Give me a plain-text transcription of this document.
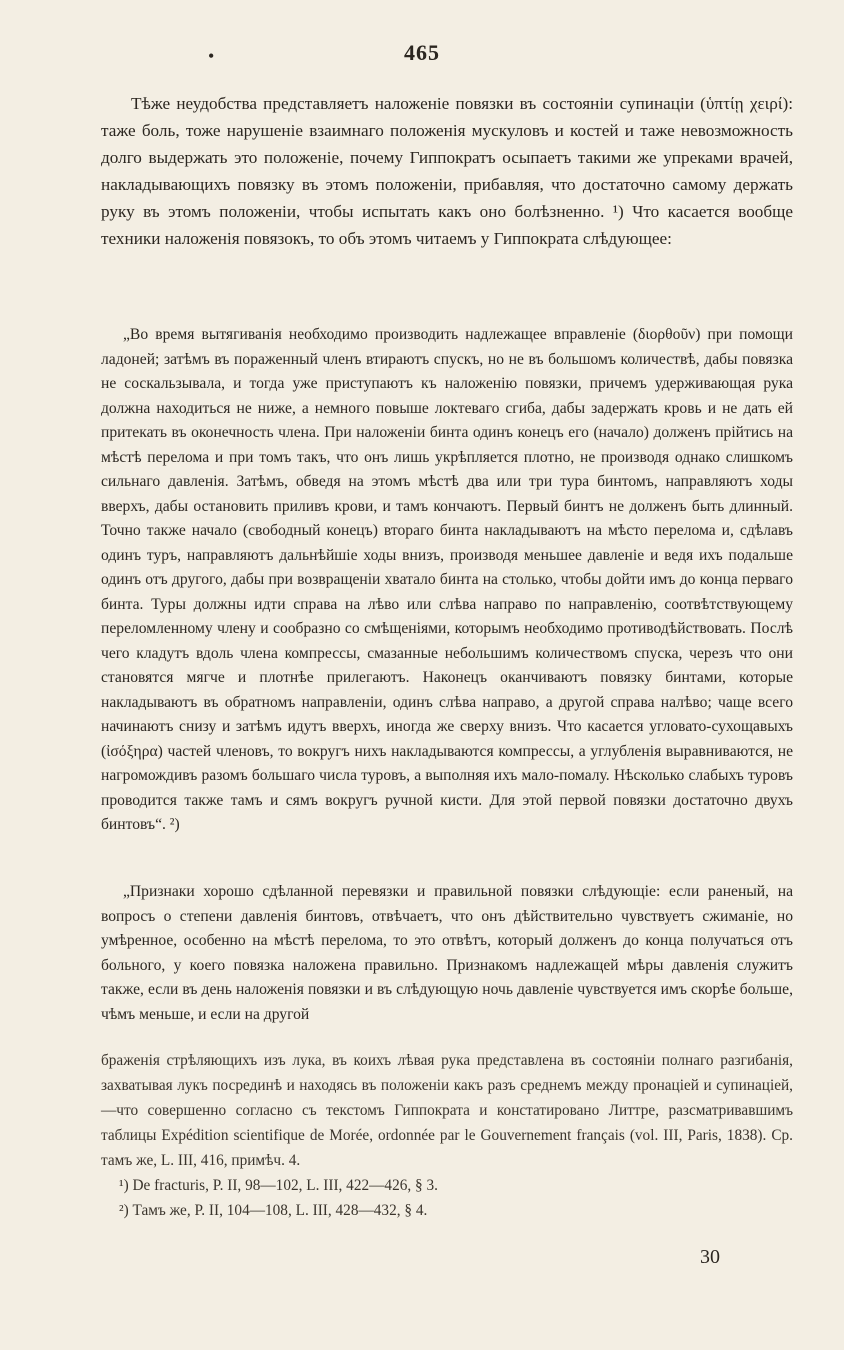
•	465

Тѣже неудобства представляетъ наложеніе повязки въ состояніи супинаціи (ὑπτίῃ χειρί): таже боль, тоже нарушеніе взаимнаго положенія мускуловъ и костей и таже невозможность долго выдержать это положеніе, почему Гиппократъ осыпаетъ такими же упреками врачей, накладывающихъ повязку въ этомъ положеніи, прибавляя, что достаточно самому держать руку въ этомъ положеніи, чтобы испытать какъ оно болѣзненно. ¹) Что касается вообще техники наложенія повязокъ, то объ этомъ читаемъ у Гиппократа слѣдующее:

„Во время вытягиванія необходимо производить надлежащее вправленіе (διορθοῦν) при помощи ладоней; затѣмъ въ пораженный членъ втираютъ спускъ, но не въ большомъ количествѣ, дабы повязка не соскальзывала, и тогда уже приступаютъ къ наложенію повязки, причемъ удерживающая рука должна находиться не ниже, а немного повыше локтеваго сгиба, дабы задержать кровь и не дать ей притекать въ оконечность члена. При наложеніи бинта одинъ конецъ его (начало) долженъ прійтись на мѣстѣ перелома и при томъ такъ, что онъ лишь укрѣпляется плотно, не производя однако слишкомъ сильнаго давленія. Затѣмъ, обведя на этомъ мѣстѣ два или три тура бинтомъ, направляютъ ходы вверхъ, дабы остановить приливъ крови, и тамъ кончаютъ. Первый бинтъ не долженъ быть длинный. Точно также начало (свободный конецъ) втораго бинта накладываютъ на мѣсто перелома и, сдѣлавъ одинъ туръ, направляютъ дальнѣйшіе ходы внизъ, производя меньшее давленіе и ведя ихъ подальше одинъ отъ другого, дабы при возвращеніи хватало бинта на столько, чтобы дойти имъ до конца перваго бинта. Туры должны идти справа на лѣво или слѣва направо по направленію, соотвѣтствующему переломленному члену и сообразно со смѣщеніями, которымъ необходимо противодѣйствовать. Послѣ чего кладутъ вдоль члена компрессы, смазанные небольшимъ количествомъ спуска, черезъ что они становятся мягче и плотнѣе прилегаютъ. Наконецъ оканчиваютъ повязку бинтами, которые накладываютъ въ обратномъ направленіи, одинъ слѣва направо, а другой справа налѣво; чаще всего начинаютъ снизу и затѣмъ идутъ вверхъ, иногда же сверху внизъ. Что касается угловато-сухощавыхъ (ἰσόξηρα) частей членовъ, то вокругъ нихъ накладываются компрессы, а углубленія выравниваются, не нагромождивъ разомъ большаго числа туровъ, а выполняя ихъ мало-помалу. Нѣсколько слабыхъ туровъ проводится также тамъ и сямъ вокругъ ручной кисти. Для этой первой повязки достаточно двухъ бинтовъ“. ²)

„Признаки хорошо сдѣланной перевязки и правильной повязки слѣдующіе: если раненый, на вопросъ о степени давленія бинтовъ, отвѣчаетъ, что онъ дѣйствительно чувствуетъ сжиманіе, но умѣренное, особенно на мѣстѣ перелома, то это отвѣтъ, который долженъ до конца получаться отъ больного, у коего повязка наложена правильно. Признакомъ надлежащей мѣры давленія служитъ также, если въ день наложенія повязки и въ слѣдующую ночь давленіе чувствуется имъ скорѣе больше, чѣмъ меньше, и если на другой

браженія стрѣляющихъ изъ лука, въ коихъ лѣвая рука представлена въ состояніи полнаго разгибанія, захватывая лукъ посрединѣ и находясь въ положеніи какъ разъ среднемъ между пронаціей и супинаціей,—что совершенно согласно съ текстомъ Гиппократа и констатировано Литтре, разсматривавшимъ таблицы Expédition scientifique de Morée, ordonnée par le Gouvernement français (vol. III, Paris, 1838). Ср. тамъ же, L. III, 416, примѣч. 4.

¹) De fracturis, P. II, 98—102, L. III, 422—426, § 3.

²) Тамъ же, P. II, 104—108, L. III, 428—432, § 4.

30
